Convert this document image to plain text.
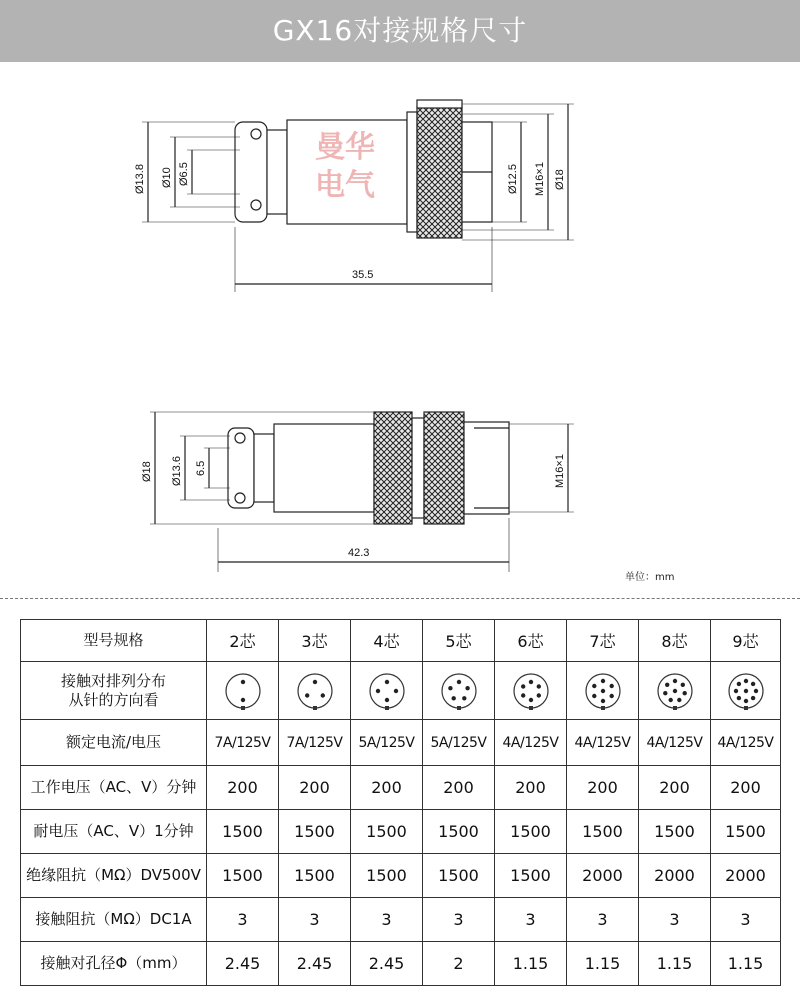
GX16对接规格尺寸
Ø13.8 Ø10 Ø6.5	Ø12.5 M16×1 Ø18
35.5
Ø18 Ø13.6 6.5	M16×1
42.3
曼华
电气
单位：mm
型号规格	2芯	3芯	4芯	5芯	6芯	7芯	8芯	9芯
接触对排列分布
从针的方向看	

额定电流/电压	7A/125V	7A/125V	5A/125V	5A/125V	4A/125V	4A/125V	4A/125V	4A/125V
工作电压（AC、V）分钟	200	200	200	200	200	200	200	200
耐电压（AC、V）1分钟	1500	1500	1500	1500	1500	1500	1500	1500
绝缘阻抗（MΩ）DV500V	1500	1500	1500	1500	1500	2000	2000	2000
接触阻抗（MΩ）DC1A	3	3	3	3	3	3	3	3
接触对孔径Φ（mm）	2.45	2.45	2.45	2	1.15	1.15	1.15	1.15
